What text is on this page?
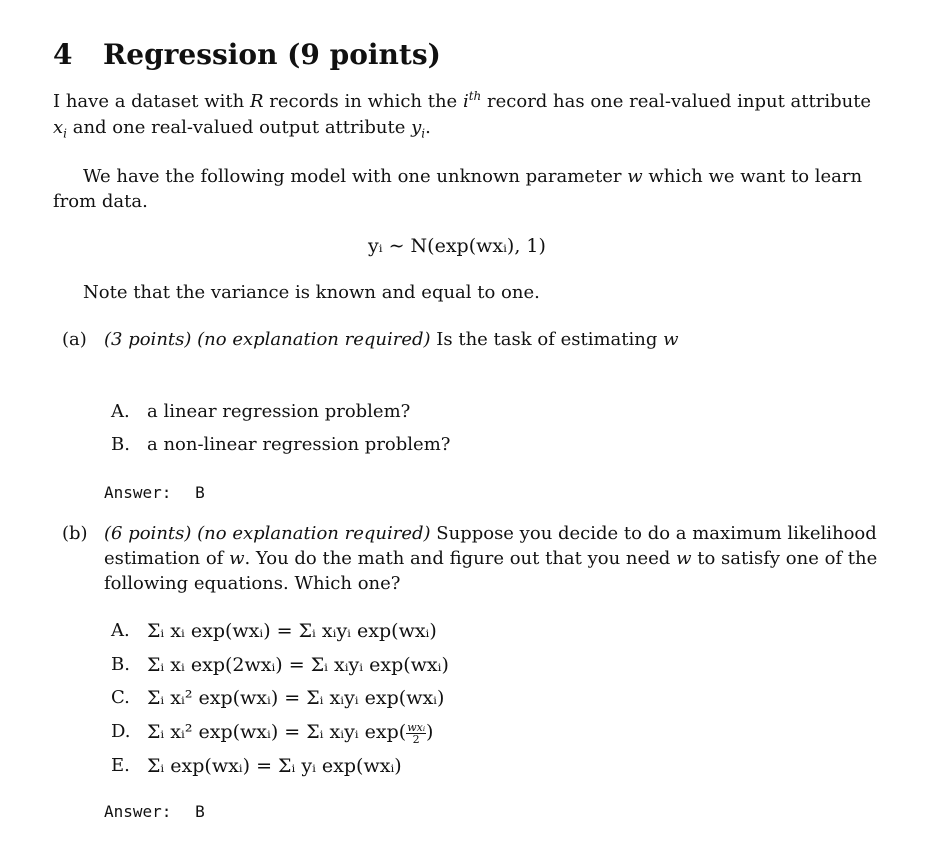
4 Regression (9 points)
I have a dataset with R records in which the $i^{th}$ record has one real-valued input attribute
$x_i$ and one real-valued output attribute $y_i$.
We have the following model with one unknown parameter w which we want to learn
from data.
yᵢ ∼ N(exp(wxᵢ), 1)
Note that the variance is known and equal to one.
(a) (3 points) (no explanation required) Is the task of estimating w
A. a linear regression problem?
B. a non-linear regression problem?
Answer: B
(b) (6 points) (no explanation required) Suppose you decide to do a maximum likelihood
estimation of w. You do the math and figure out that you need w to satisfy one of the
following equations. Which one?
A. Σᵢ xᵢ exp(wxᵢ) = Σᵢ xᵢyᵢ exp(wxᵢ)
B. Σᵢ xᵢ exp(2wxᵢ) = Σᵢ xᵢyᵢ exp(wxᵢ)
C. Σᵢ xᵢ² exp(wxᵢ) = Σᵢ xᵢyᵢ exp(wxᵢ)
D. Σᵢ xᵢ² exp(wxᵢ) = Σᵢ xᵢyᵢ $\exp( \frac{\text{wxᵢ}}{2}$ )
E. Σᵢ exp(wxᵢ) = Σᵢ yᵢ exp(wxᵢ)
Answer: B
